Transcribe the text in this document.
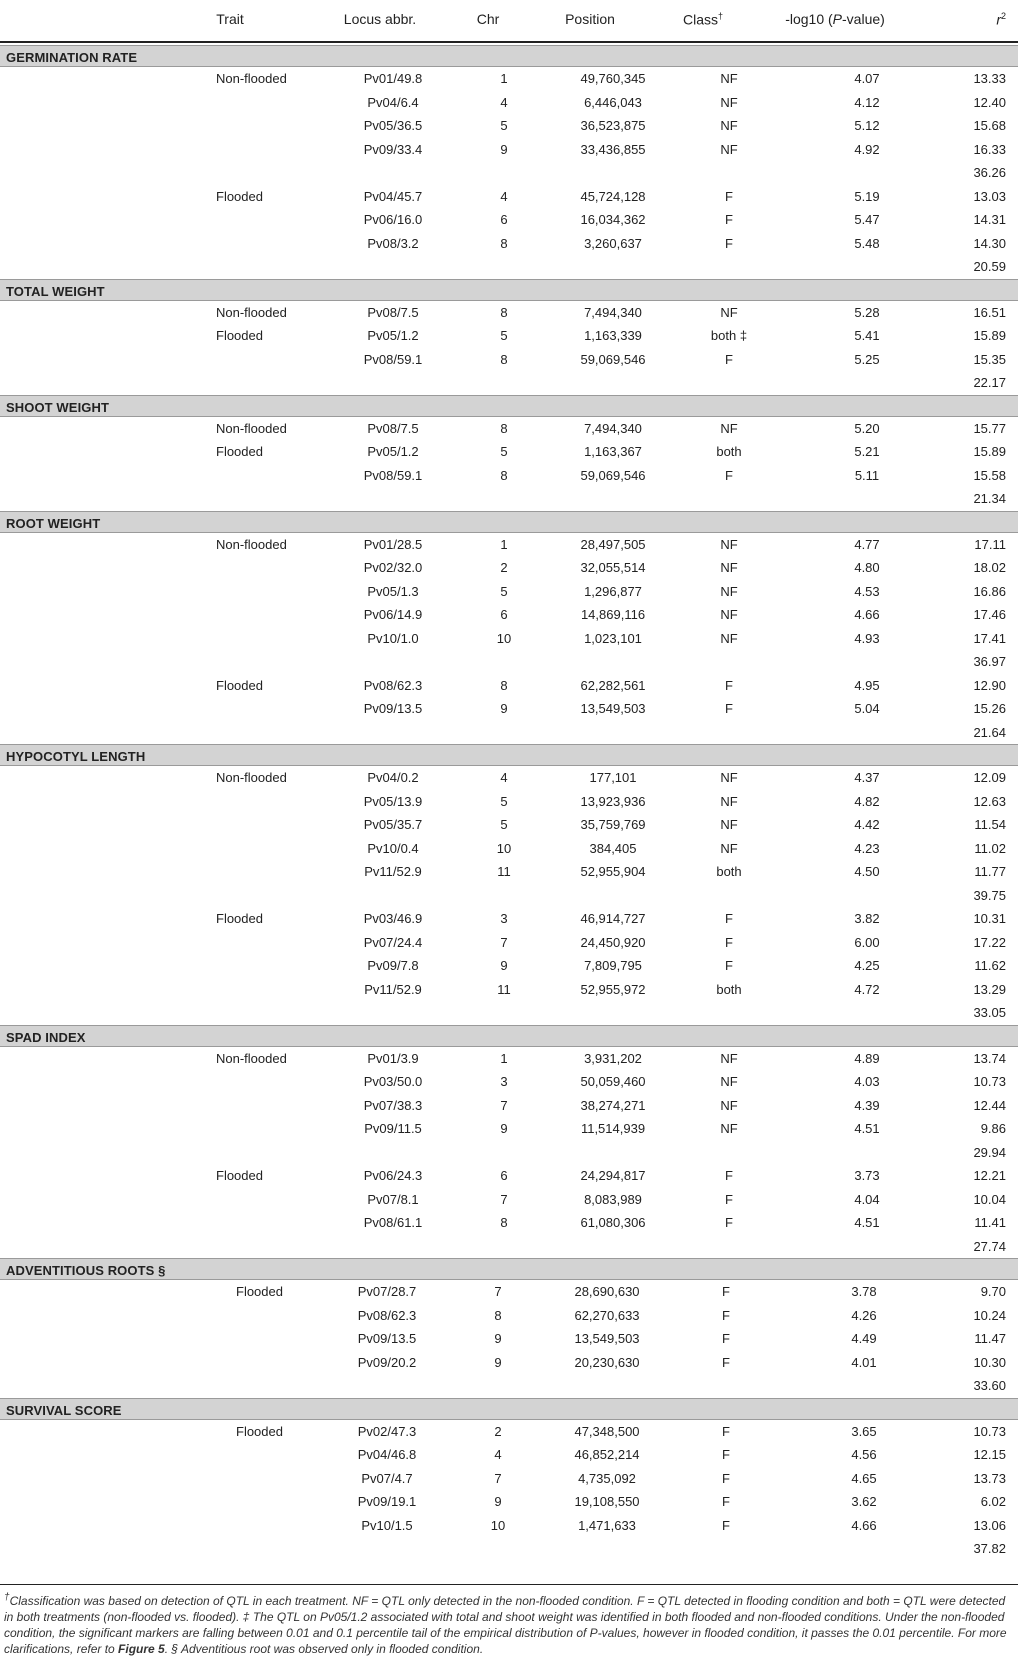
Trait	Locus abbr.	Chr	Position	Class†	-log10 (P-value)	$r^2$
GERMINATION RATE
Non-flooded	Pv01/49.8	1	49,760,345	NF	4.07	13.33
Pv04/6.4	4	6,446,043	NF	4.12	12.40
Pv05/36.5	5	36,523,875	NF	5.12	15.68
Pv09/33.4	9	33,436,855	NF	4.92	16.33
36.26
Flooded	Pv04/45.7	4	45,724,128	F	5.19	13.03
Pv06/16.0	6	16,034,362	F	5.47	14.31
Pv08/3.2	8	3,260,637	F	5.48	14.30
20.59
TOTAL WEIGHT
Non-flooded	Pv08/7.5	8	7,494,340	NF	5.28	16.51
Flooded	Pv05/1.2	5	1,163,339	both ‡	5.41	15.89
Pv08/59.1	8	59,069,546	F	5.25	15.35
22.17
SHOOT WEIGHT
Non-flooded	Pv08/7.5	8	7,494,340	NF	5.20	15.77
Flooded	Pv05/1.2	5	1,163,367	both	5.21	15.89
Pv08/59.1	8	59,069,546	F	5.11	15.58
21.34
ROOT WEIGHT
Non-flooded	Pv01/28.5	1	28,497,505	NF	4.77	17.11
Pv02/32.0	2	32,055,514	NF	4.80	18.02
Pv05/1.3	5	1,296,877	NF	4.53	16.86
Pv06/14.9	6	14,869,116	NF	4.66	17.46
Pv10/1.0	10	1,023,101	NF	4.93	17.41
36.97
Flooded	Pv08/62.3	8	62,282,561	F	4.95	12.90
Pv09/13.5	9	13,549,503	F	5.04	15.26
21.64
HYPOCOTYL LENGTH
Non-flooded	Pv04/0.2	4	177,101	NF	4.37	12.09
Pv05/13.9	5	13,923,936	NF	4.82	12.63
Pv05/35.7	5	35,759,769	NF	4.42	11.54
Pv10/0.4	10	384,405	NF	4.23	11.02
Pv11/52.9	11	52,955,904	both	4.50	11.77
39.75
Flooded	Pv03/46.9	3	46,914,727	F	3.82	10.31
Pv07/24.4	7	24,450,920	F	6.00	17.22
Pv09/7.8	9	7,809,795	F	4.25	11.62
Pv11/52.9	11	52,955,972	both	4.72	13.29
33.05
SPAD INDEX
Non-flooded	Pv01/3.9	1	3,931,202	NF	4.89	13.74
Pv03/50.0	3	50,059,460	NF	4.03	10.73
Pv07/38.3	7	38,274,271	NF	4.39	12.44
Pv09/11.5	9	11,514,939	NF	4.51	9.86
29.94
Flooded	Pv06/24.3	6	24,294,817	F	3.73	12.21
Pv07/8.1	7	8,083,989	F	4.04	10.04
Pv08/61.1	8	61,080,306	F	4.51	11.41
27.74
ADVENTITIOUS ROOTS §
Flooded	Pv07/28.7	7	28,690,630	F	3.78	9.70
Pv08/62.3	8	62,270,633	F	4.26	10.24
Pv09/13.5	9	13,549,503	F	4.49	11.47
Pv09/20.2	9	20,230,630	F	4.01	10.30
33.60
SURVIVAL SCORE
Flooded	Pv02/47.3	2	47,348,500	F	3.65	10.73
Pv04/46.8	4	46,852,214	F	4.56	12.15
Pv07/4.7	7	4,735,092	F	4.65	13.73
Pv09/19.1	9	19,108,550	F	3.62	6.02
Pv10/1.5	10	1,471,633	F	4.66	13.06
37.82
†Classification was based on detection of QTL in each treatment. NF = QTL only detected in the non-flooded condition. F = QTL detected in flooding condition and both = QTL were detected in both treatments (non-flooded vs. flooded). ‡ The QTL on Pv05/1.2 associated with total and shoot weight was identified in both flooded and non-flooded conditions. Under the non-flooded condition, the significant markers are falling between 0.01 and 0.1 percentile tail of the empirical distribution of P-values, however in flooded condition, it passes the 0.01 percentile. For more clarifications, refer to Figure 5. § Adventitious root was observed only in flooded condition.
